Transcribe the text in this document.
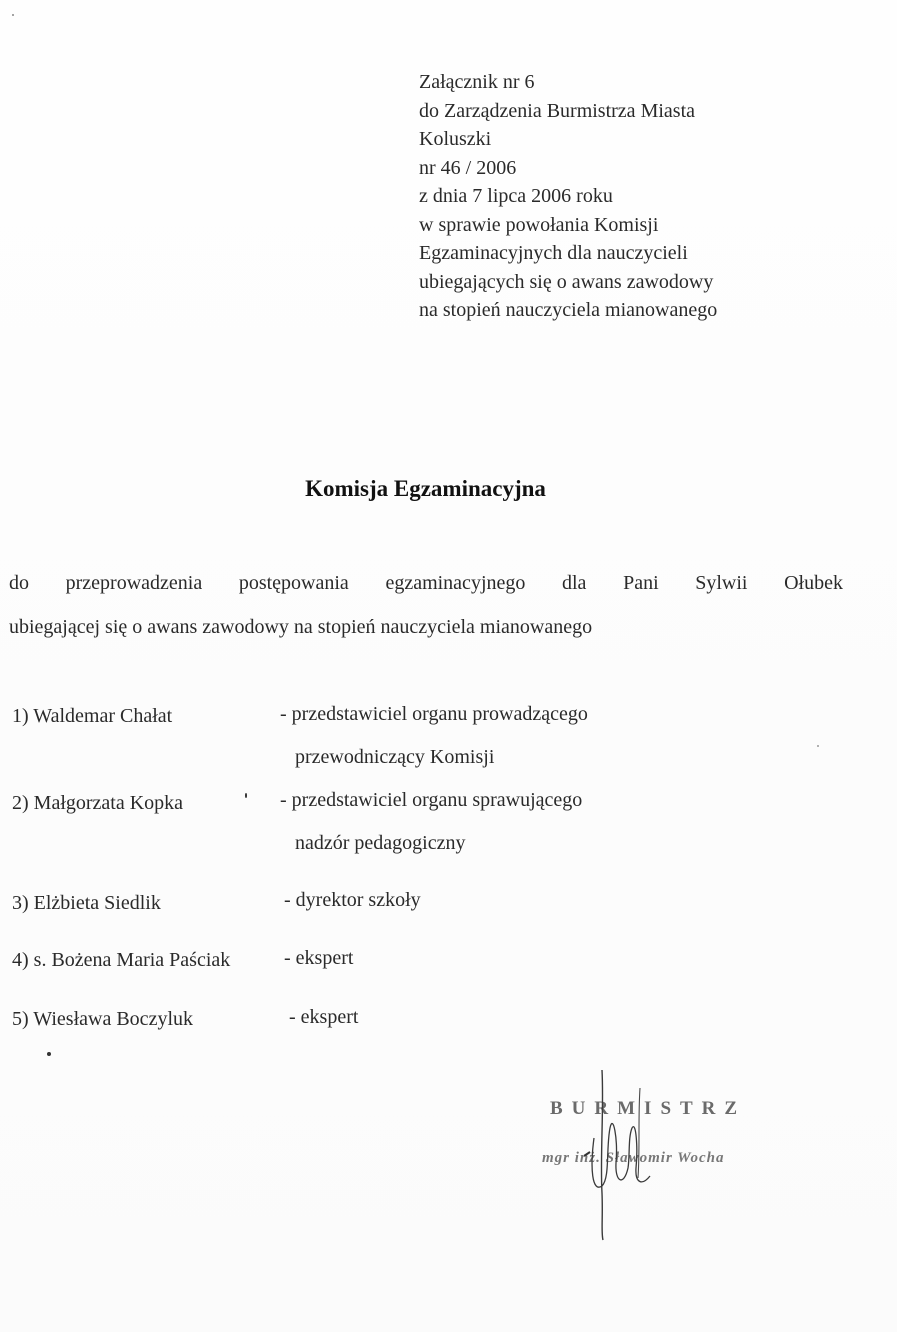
Załącznik nr 6
do Zarządzenia Burmistrza Miasta
Koluszki
nr 46 / 2006
z dnia 7 lipca 2006 roku
w sprawie powołania Komisji
Egzaminacyjnych dla nauczycieli
ubiegających się o awans zawodowy
na stopień nauczyciela mianowanego
Komisja Egzaminacyjna
do przeprowadzenia postępowania egzaminacyjnego dla Pani Sylwii Ołubek
ubiegającej się o awans zawodowy na stopień nauczyciela mianowanego
1) Waldemar Chałat	- przedstawiciel organu prowadzącego
przewodniczący Komisji
2) Małgorzata Kopka	- przedstawiciel organu sprawującego
nadzór pedagogiczny
3) Elżbieta Siedlik	- dyrektor szkoły
4) s. Bożena Maria Paściak	- ekspert
5) Wiesława Boczyluk	- ekspert
BURMISTRZ
mgr inż. Sławomir Wocha
